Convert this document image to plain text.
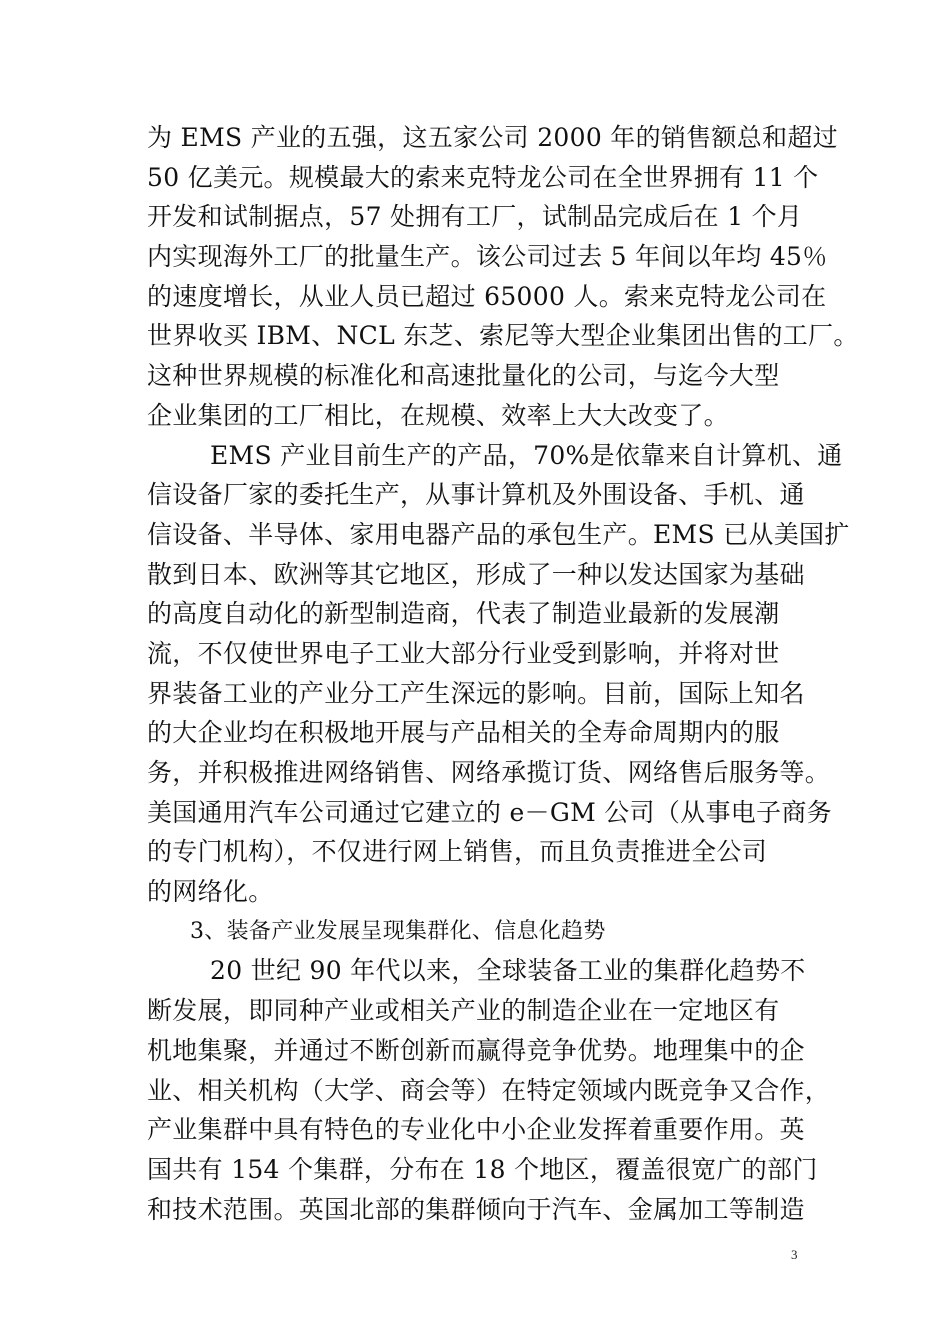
为 EMS 产业的五强，这五家公司 2000 年的销售额总和超过
50 亿美元。规模最大的索来克特龙公司在全世界拥有 11 个
开发和试制据点，57 处拥有工厂，试制品完成后在 1 个月
内实现海外工厂的批量生产。该公司过去 5 年间以年均 45％
的速度增长，从业人员已超过 65000 人。索来克特龙公司在
世界收买 IBM、NCL 东芝、索尼等大型企业集团出售的工厂。
这种世界规模的标准化和高速批量化的公司，与迄今大型
企业集团的工厂相比，在规模、效率上大大改变了。
EMS 产业目前生产的产品，70%是依靠来自计算机、通
信设备厂家的委托生产，从事计算机及外围设备、手机、通
信设备、半导体、家用电器产品的承包生产。EMS 已从美国扩
散到日本、欧洲等其它地区，形成了一种以发达国家为基础
的高度自动化的新型制造商，代表了制造业最新的发展潮
流，不仅使世界电子工业大部分行业受到影响，并将对世
界装备工业的产业分工产生深远的影响。目前，国际上知名
的大企业均在积极地开展与产品相关的全寿命周期内的服
务，并积极推进网络销售、网络承揽订货、网络售后服务等。
美国通用汽车公司通过它建立的 e－GM 公司（从事电子商务
的专门机构），不仅进行网上销售，而且负责推进全公司
的网络化。
3、装备产业发展呈现集群化、信息化趋势
20 世纪 90 年代以来，全球装备工业的集群化趋势不
断发展，即同种产业或相关产业的制造企业在一定地区有
机地集聚，并通过不断创新而赢得竞争优势。地理集中的企
业、相关机构（大学、商会等）在特定领域内既竞争又合作，
产业集群中具有特色的专业化中小企业发挥着重要作用。英
国共有 154 个集群，分布在 18 个地区，覆盖很宽广的部门
和技术范围。英国北部的集群倾向于汽车、金属加工等制造
3
